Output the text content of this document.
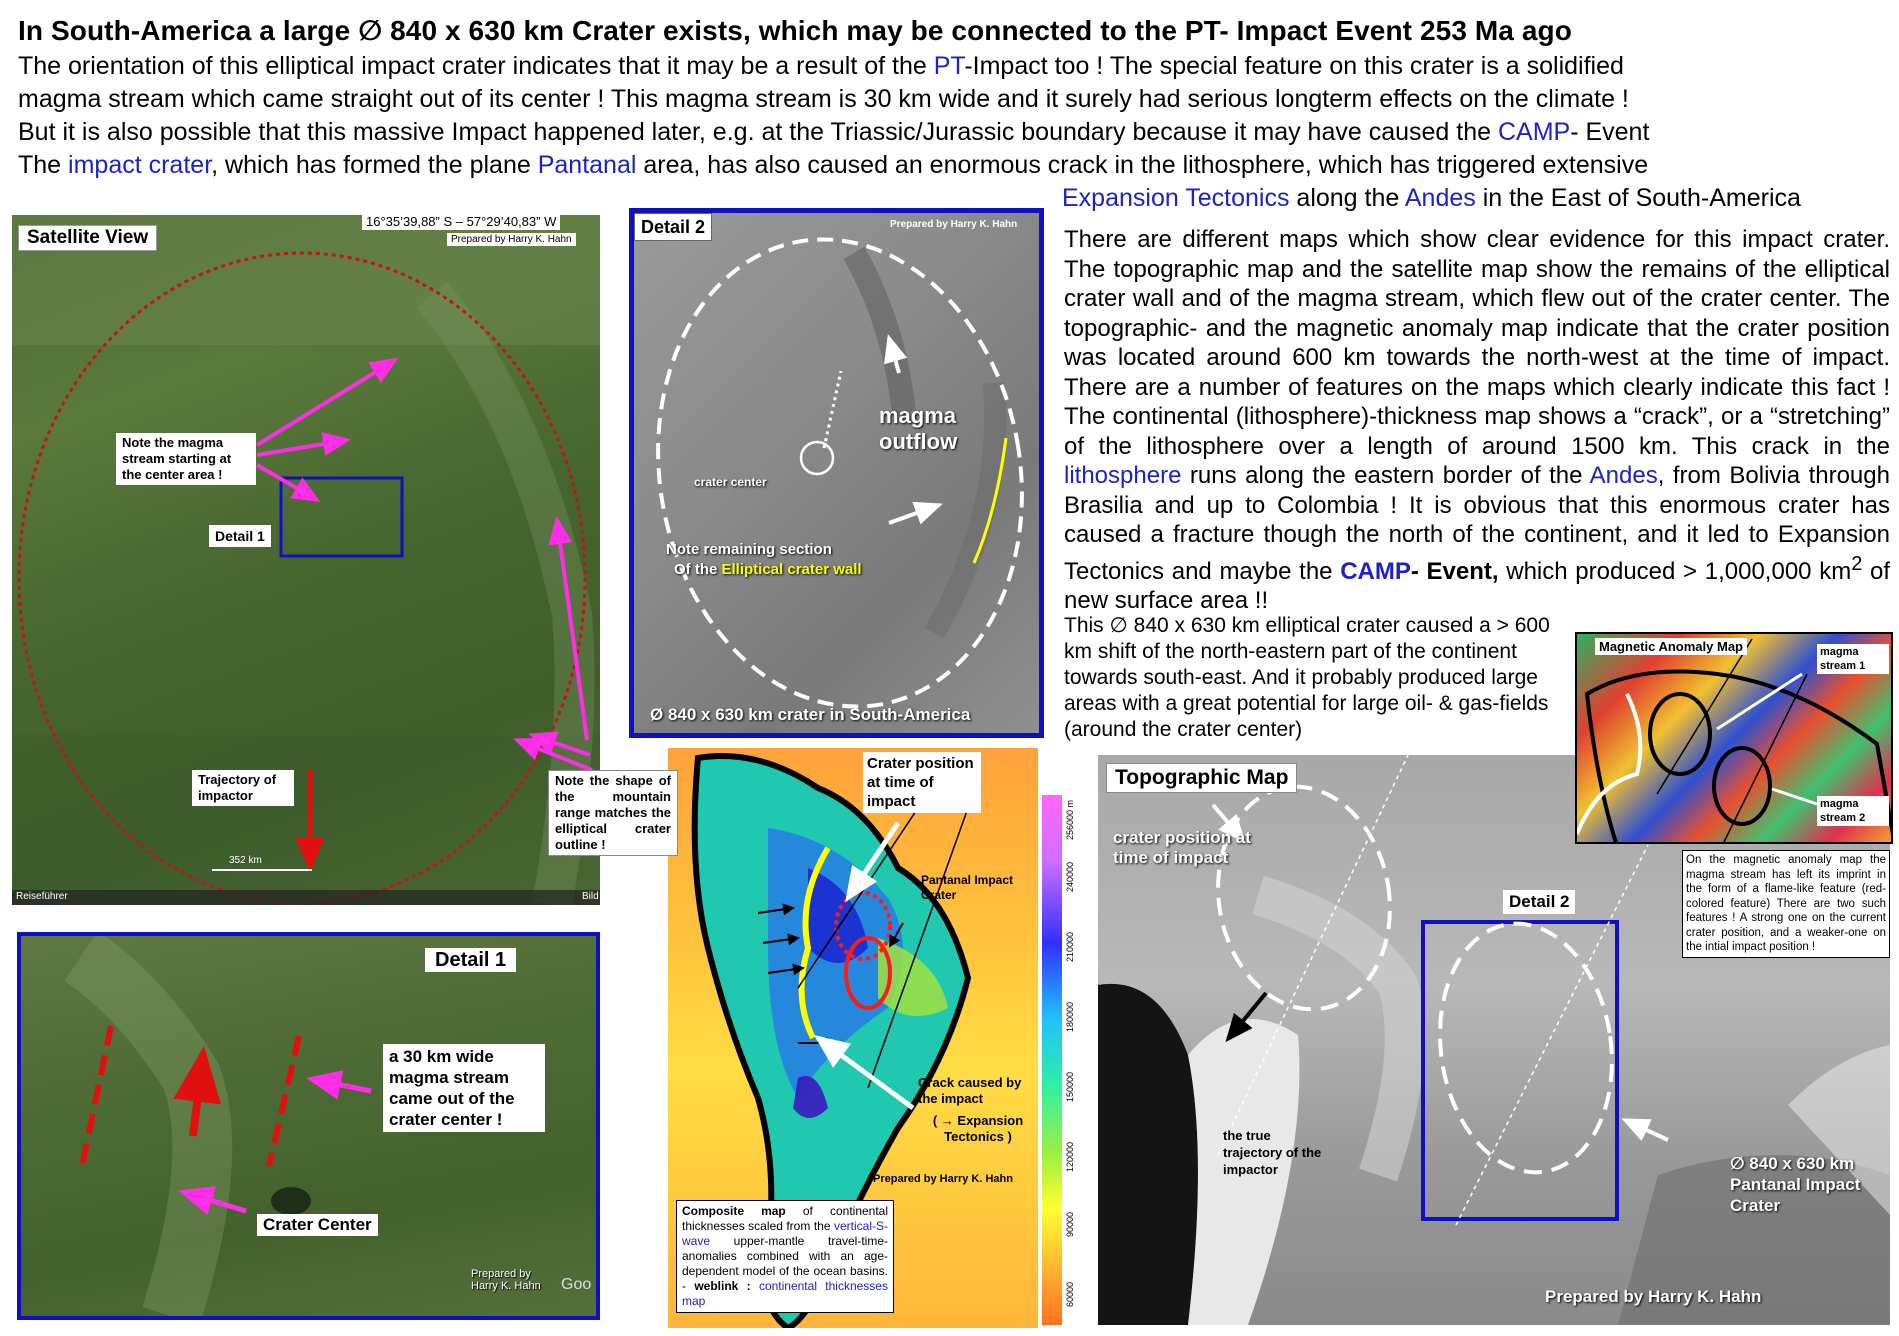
In South-America a large ∅ 840 x 630 km Crater exists, which may be connected to the PT- Impact Event 253 Ma ago
The orientation of this elliptical impact crater indicates that it may be a result of the PT-Impact too ! The special feature on this crater is a solidified
magma stream which came straight out of its center ! This magma stream is 30 km wide and it surely had serious longterm effects on the climate !
But it is also possible that this massive Impact happened later, e.g. at the Triassic/Jurassic boundary because it may have caused the CAMP- Event
The impact crater, which has formed the plane Pantanal area, has also caused an enormous crack in the lithosphere, which has triggered extensive
Expansion Tectonics along the Andes in the East of South-America
There are different maps which show clear evidence for this impact crater. The topographic map and the satellite map show the remains of the elliptical crater wall and of the magma stream, which flew out of the crater center. The topographic- and the magnetic anomaly map indicate that the crater position was located around 600 km towards the north-west at the time of impact. There are a number of features on the maps which clearly indicate this fact ! The continental (lithosphere)-thickness map shows a “crack”, or a “stretching” of the lithosphere over a length of around 1500 km. This crack in the lithosphere runs along the eastern border of the Andes, from Bolivia through Brasilia and up to Colombia ! It is obvious that this enormous crater has caused a fracture though the north of the continent, and it led to Expansion Tectonics and maybe the CAMP- Event, which produced > 1,000,000 $km^2$ of new surface area !!
This ∅ 840 x 630 km elliptical crater caused a > 600 km shift of the north-eastern part of the continent towards south-east. And it probably produced large areas with a great potential for large oil- & gas-fields (around the crater center)
Satellite View
16°35’39,88” S – 57°29’40,83” W
Prepared by Harry K. Hahn
Note the magma stream starting at the center area !
Detail 1
Trajectory of impactor
352 km
Reiseführer	Bild
Note the shape of the mountain range matches the elliptical crater outline !
Detail 1
a 30 km wide magma stream came out of the crater center !
Crater Center
Prepared by Harry K. Hahn	Goo
Detail 2	Prepared by Harry K. Hahn
magma outflow
crater center
Note remaining section
Of the Elliptical crater wall
Ø 840 x 630 km crater in South-America
Crater position at time of impact
Pantanal Impact Crater
Crack caused by the impact
( → Expansion Tectonics )
Prepared by Harry K. Hahn
Composite map of continental thicknesses scaled from the vertical-S-wave upper-mantle travel-time-anomalies combined with an age-dependent model of the ocean basins. - weblink : continental thicknesses map
256000 m
240000
210000
180000
150000
120000
90000
60000
Topographic Map
crater position at time of impact
Detail 2
the true trajectory of the impactor	∅ 840 x 630 km Pantanal Impact Crater
Prepared by Harry K. Hahn
Magnetic Anomaly Map	magma stream 1
magma stream 2
On the magnetic anomaly map the magma stream has left its imprint in the form of a flame-like feature (red-colored feature) There are two such features ! A strong one on the current crater position, and a weaker-one on the intial impact position !
